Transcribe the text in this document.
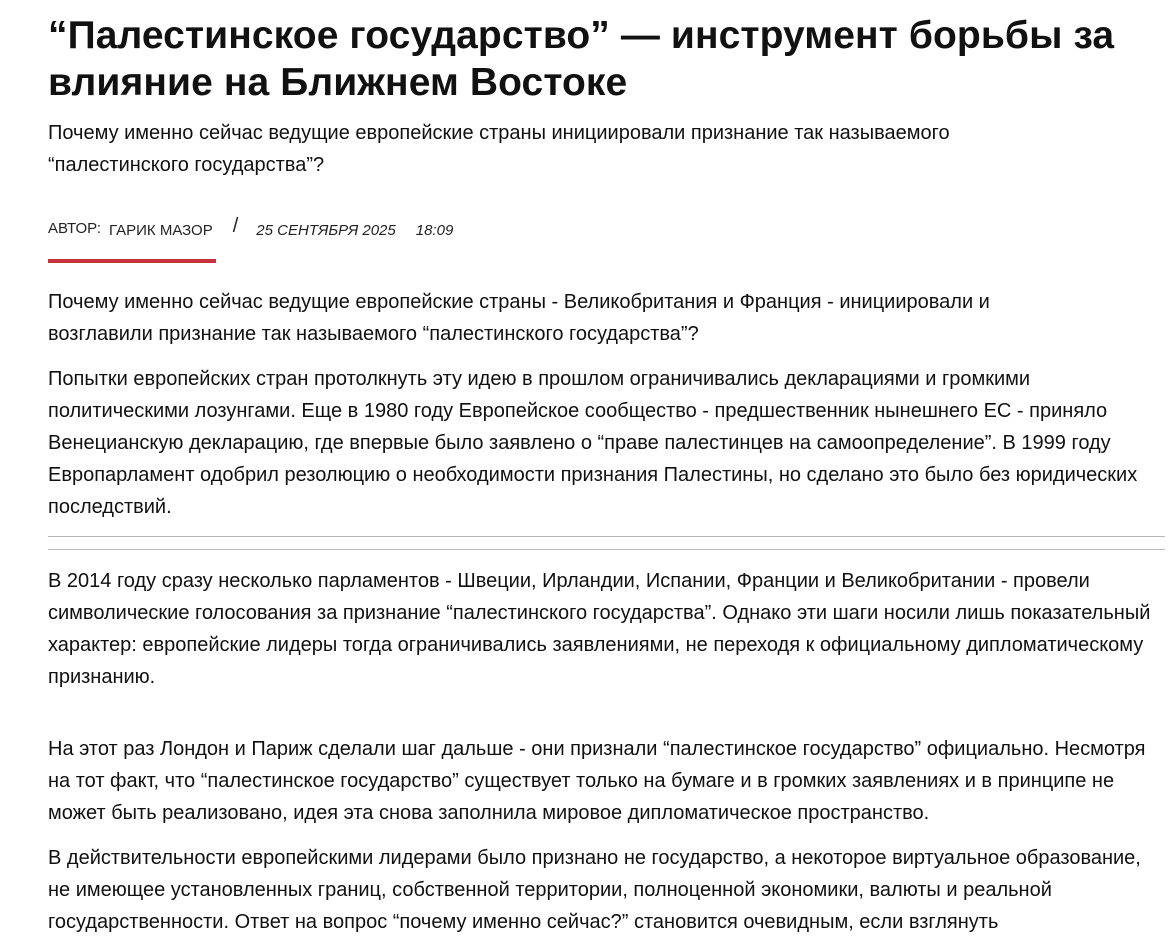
“Палестинское государство” — инструмент борьбы за влияние на Ближнем Востоке

Почему именно сейчас ведущие европейские страны инициировали признание так называемого “палестинского государства”?

АВТОР: ГАРИК МАЗОР / 25 СЕНТЯБРЯ 2025 18:09

Почему именно сейчас ведущие европейские страны - Великобритания и Франция - инициировали и возглавили признание так называемого “палестинского государства”?

Попытки европейских стран протолкнуть эту идею в прошлом ограничивались декларациями и громкими политическими лозунгами. Еще в 1980 году Европейское сообщество - предшественник нынешнего ЕС - приняло Венецианскую декларацию, где впервые было заявлено о “праве палестинцев на самоопределение”. В 1999 году Европарламент одобрил резолюцию о необходимости признания Палестины, но сделано это было без юридических последствий.

В 2014 году сразу несколько парламентов - Швеции, Ирландии, Испании, Франции и Великобритании - провели символические голосования за признание “палестинского государства”. Однако эти шаги носили лишь показательный характер: европейские лидеры тогда ограничивались заявлениями, не переходя к официальному дипломатическому признанию.

На этот раз Лондон и Париж сделали шаг дальше - они признали “палестинское государство” официально. Несмотря на тот факт, что “палестинское государство” существует только на бумаге и в громких заявлениях и в принципе не может быть реализовано, идея эта снова заполнила мировое дипломатическое пространство.

В действительности европейскими лидерами было признано не государство, а некоторое виртуальное образование, не имеющее установленных границ, собственной территории, полноценной экономики, валюты и реальной государственности. Ответ на вопрос “почему именно сейчас?” становится очевидным, если взглянуть
